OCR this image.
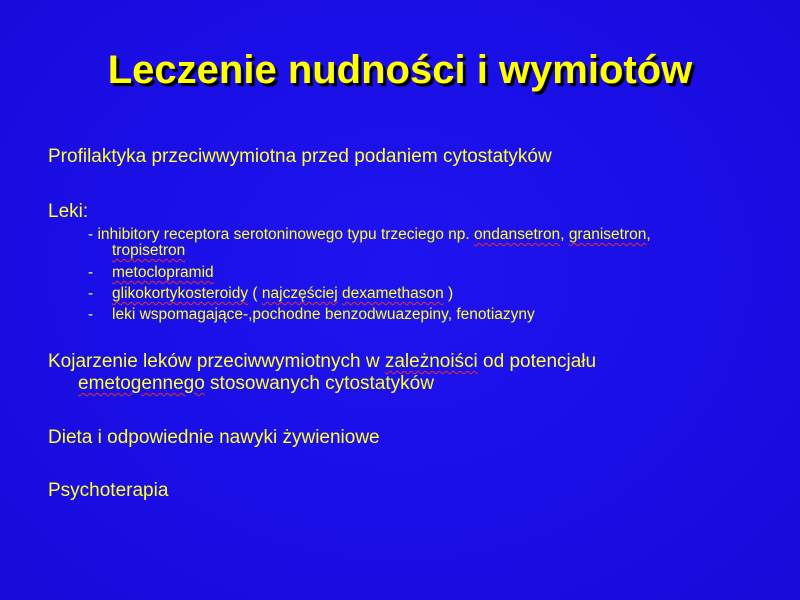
Leczenie nudności i wymiotów
Profilaktyka przeciwwymiotna przed podaniem cytostatyków
Leki:
- inhibitory receptora serotoninowego typu trzeciego np. ondansetron, granisetron,
tropisetron
- metoclopramid
- glikokortykosteroidy ( najczęściej dexamethason )
- leki wspomagające-,pochodne benzodwuazepiny, fenotiazyny
Kojarzenie leków przeciwwymiotnych w zależnoiści od potencjału
emetogennego stosowanych cytostatyków
Dieta i odpowiednie nawyki żywieniowe
Psychoterapia
